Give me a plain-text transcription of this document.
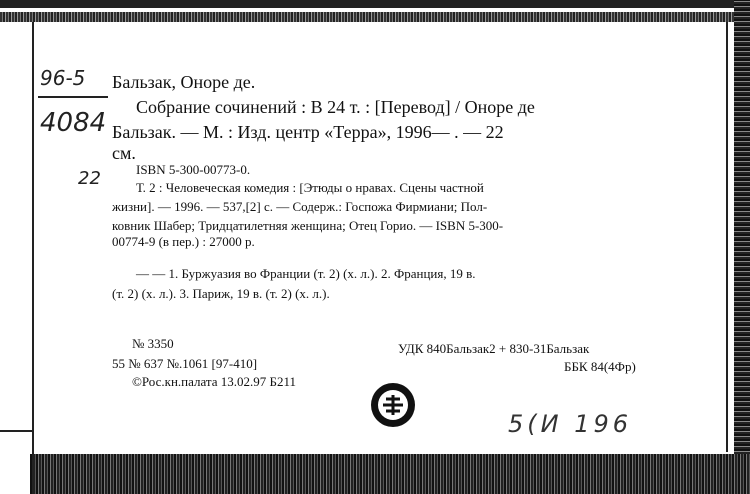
96-5
4084
22
Бальзак, Оноре де.
Собрание сочинений : В 24 т. : [Перевод] / Оноре де
Бальзак. — М. : Изд. центр «Терра», 1996— . — 22
см.
ISBN 5-300-00773-0.
Т. 2 : Человеческая комедия : [Этюды о нравах. Сцены частной
жизни]. — 1996. — 537,[2] с. — Содерж.: Госпожа Фирмиани; Пол-
ковник Шабер; Тридцатилетняя женщина; Отец Горио. — ISBN 5-300-
00774-9 (в пер.) : 27000 р.
— — 1. Буржуазия во Франции (т. 2) (х. л.). 2. Франция, 19 в.
(т. 2) (х. л.). 3. Париж, 19 в. (т. 2) (х. л.).
№ 3350
55 № 637 №.1061 [97-410]
©Рос.кн.палата 13.02.97 Б211
УДК 840Бальзак2 + 830-31Бальзак
ББК 84(4Фр)
5(И 196
